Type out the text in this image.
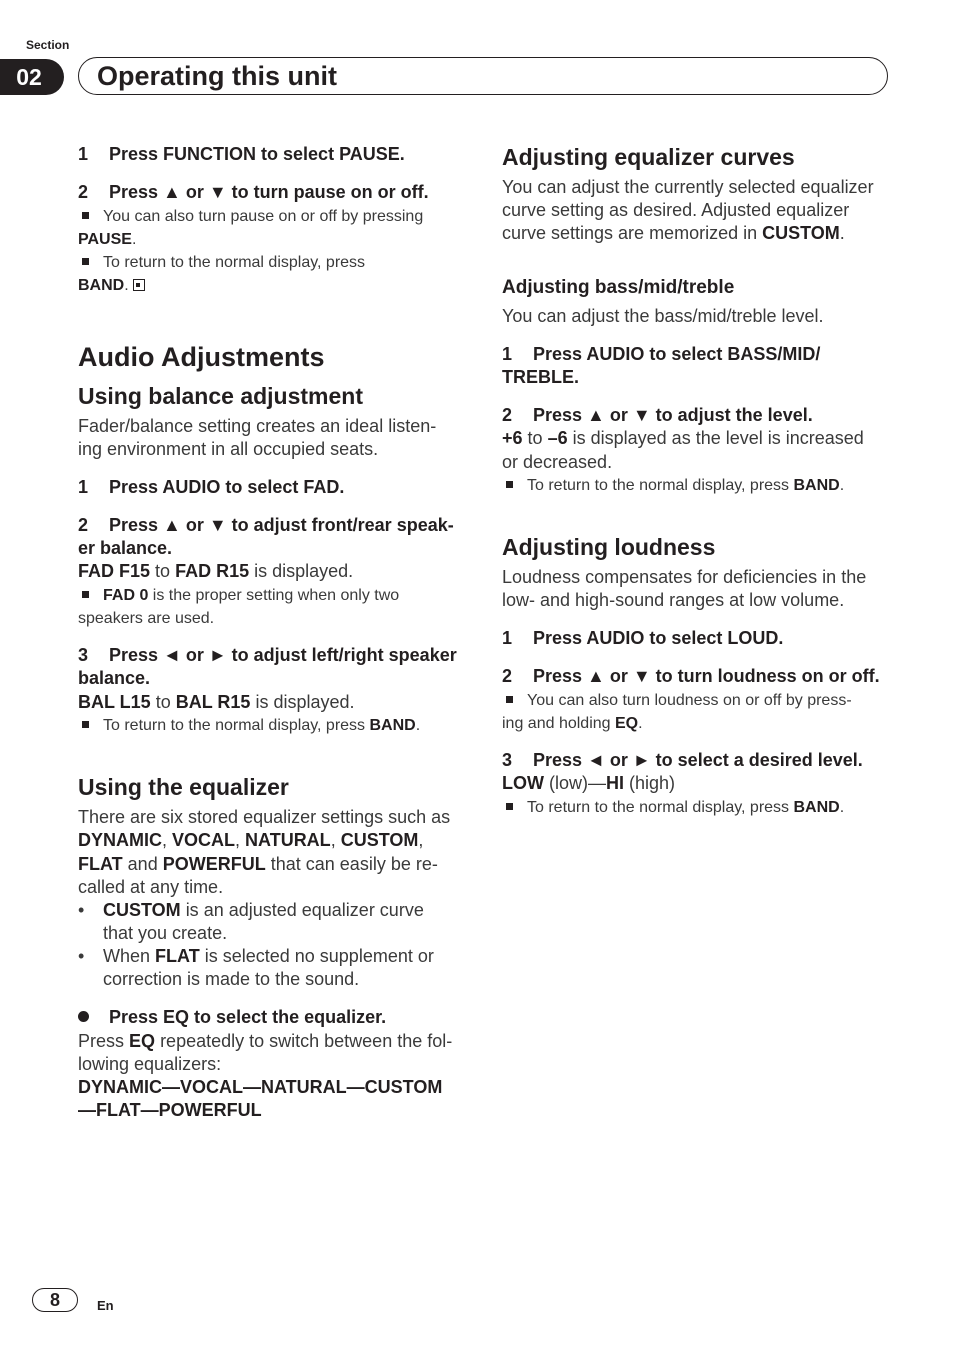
Section
02	Operating this unit

1 Press FUNCTION to select PAUSE.

2 Press ▲ or ▼ to turn pause on or off.

You can also turn pause on or off by pressing

PAUSE.

To return to the normal display, press

BAND.

Audio Adjustments

Using balance adjustment

Fader/balance setting creates an ideal listen-

ing environment in all occupied seats.

1 Press AUDIO to select FAD.

2 Press ▲ or ▼ to adjust front/rear speak-

er balance.

FAD F15 to FAD R15 is displayed.

FAD 0 is the proper setting when only two

speakers are used.

3 Press ◄ or ► to adjust left/right speaker

balance.

BAL L15 to BAL R15 is displayed.

To return to the normal display, press BAND.

Using the equalizer

There are six stored equalizer settings such as

DYNAMIC, VOCAL, NATURAL, CUSTOM,

FLAT and POWERFUL that can easily be re-

called at any time.

• CUSTOM is an adjusted equalizer curve

that you create.

• When FLAT is selected no supplement or

correction is made to the sound.

Press EQ to select the equalizer.

Press EQ repeatedly to switch between the fol-

lowing equalizers:

DYNAMIC—VOCAL—NATURAL—CUSTOM

—FLAT—POWERFUL

Adjusting equalizer curves

You can adjust the currently selected equalizer

curve setting as desired. Adjusted equalizer

curve settings are memorized in CUSTOM.

Adjusting bass/mid/treble

You can adjust the bass/mid/treble level.

1 Press AUDIO to select BASS/MID/

TREBLE.

2 Press ▲ or ▼ to adjust the level.

+6 to –6 is displayed as the level is increased

or decreased.

To return to the normal display, press BAND.

Adjusting loudness

Loudness compensates for deficiencies in the

low- and high-sound ranges at low volume.

1 Press AUDIO to select LOUD.

2 Press ▲ or ▼ to turn loudness on or off.

You can also turn loudness on or off by press-

ing and holding EQ.

3 Press ◄ or ► to select a desired level.

LOW (low)—HI (high)

To return to the normal display, press BAND.

8	En
